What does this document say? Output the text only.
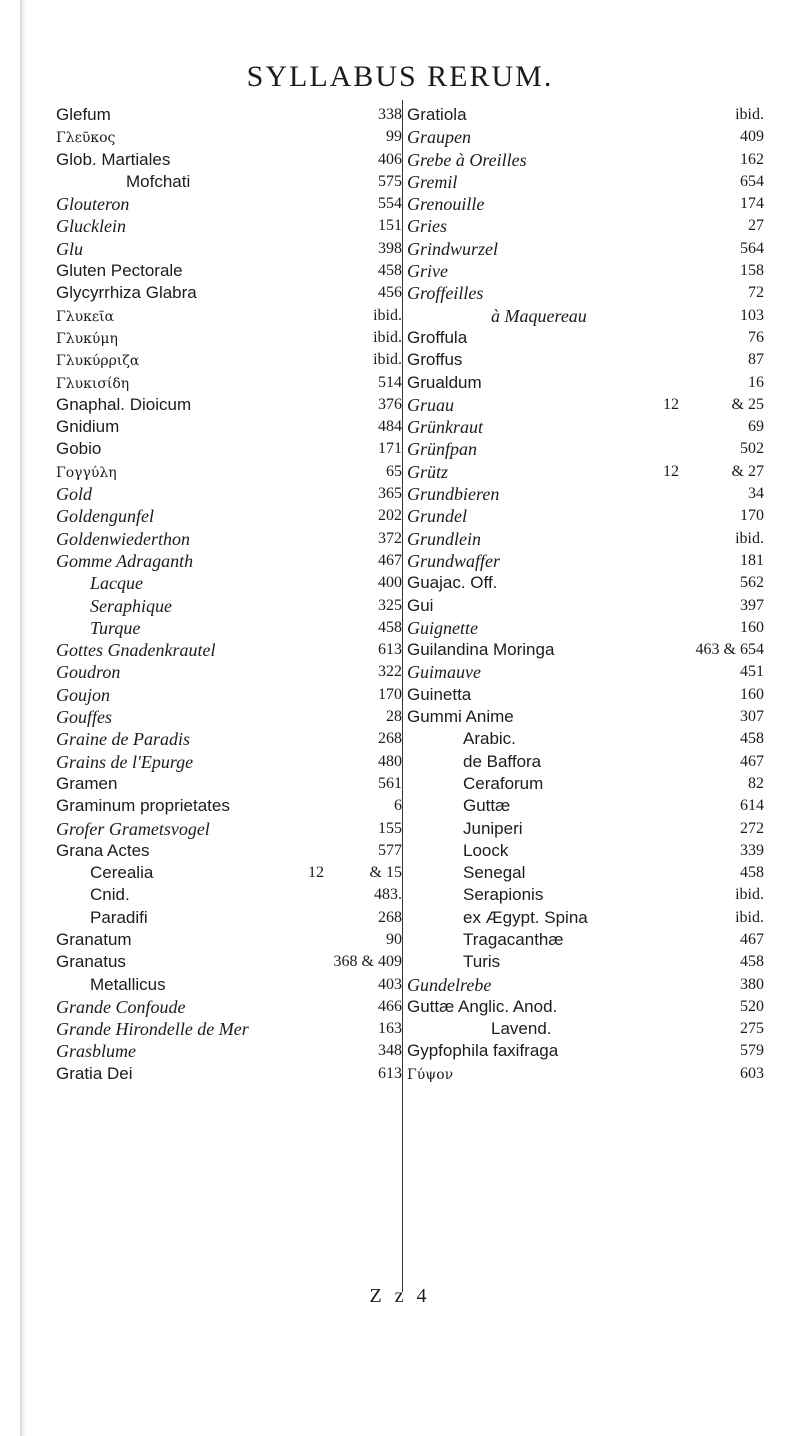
SYLLABUS RERUM.
Glefum	338
Γλεῦκος	99
Glob. Martiales	406
Mofchati	575
Glouteron	554
Glucklein	151
Glu	398
Gluten Pectorale	458
Glycyrrhiza Glabra	456
Γλυκεῖα	ibid.
Γλυκύμη	ibid.
Γλυκύρριζα	ibid.
Γλυκισίδη	514
Gnaphal. Dioicum	376
Gnidium	484
Gobio	171
Γογγύλη	65
Gold	365
Goldengunfel	202
Goldenwiederthon	372
Gomme Adraganth	467
Lacque	400
Seraphique	325
Turque	458
Gottes Gnadenkrautel	613
Goudron	322
Goujon	170
Gouffes	28
Graine de Paradis	268
Grains de l'Epurge	480
Gramen	561
Graminum proprietates	6
Grofer Grametsvogel	155
Grana Actes	577
Cerealia	12	& 15
Cnid.	483.
Paradifi	268
Granatum	90
Granatus	368 & 409
Metallicus	403
Grande Confoude	466
Grande Hirondelle de Mer	163
Grasblume	348
Gratia Dei	613
Gratiola	ibid.
Graupen	409
Grebe à Oreilles	162
Gremil	654
Grenouille	174
Gries	27
Grindwurzel	564
Grive	158
Groffeilles	72
à Maquereau	103
Groffula	76
Groffus	87
Grualdum	16
Gruau	12	& 25
Grünkraut	69
Grünfpan	502
Grütz	12	& 27
Grundbieren	34
Grundel	170
Grundlein	ibid.
Grundwaffer	181
Guajac. Off.	562
Gui	397
Guignette	160
Guilandina Moringa	463 & 654
Guimauve	451
Guinetta	160
Gummi Anime	307
Arabic.	458
de Baffora	467
Ceraforum	82
Guttæ	614
Juniperi	272
Loock	339
Senegal	458
Serapionis	ibid.
ex Ægypt. Spina	ibid.
Tragacanthæ	467
Turis	458
Gundelrebe	380
Guttæ Anglic. Anod.	520
Lavend.	275
Gypfophila faxifraga	579
Γύψον	603
Z z 4
